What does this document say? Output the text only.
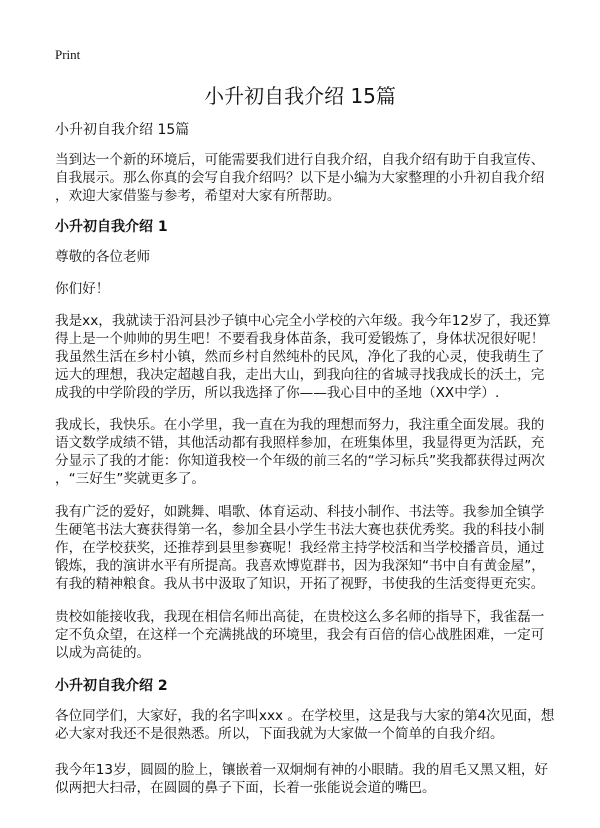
Print
小升初自我介绍 15篇
小升初自我介绍 15篇
当到达一个新的环境后，可能需要我们进行自我介绍，自我介绍有助于自我宣传、
自我展示。那么你真的会写自我介绍吗？以下是小编为大家整理的小升初自我介绍
，欢迎大家借鉴与参考，希望对大家有所帮助。
小升初自我介绍 1
尊敬的各位老师
你们好！
我是xx，我就读于沿河县沙子镇中心完全小学校的六年级。我今年12岁了，我还算
得上是一个帅帅的男生吧！不要看我身体苗条，我可爱锻炼了，身体状况很好呢！
我虽然生活在乡村小镇，然而乡村自然纯朴的民风，净化了我的心灵，使我萌生了
远大的理想，我决定超越自我，走出大山，到我向往的省城寻找我成长的沃土，完
成我的中学阶段的学历，所以我选择了你——我心目中的圣地（XX中学）.
我成长，我快乐。在小学里，我一直在为我的理想而努力，我注重全面发展。我的
语文数学成绩不错，其他活动都有我照样参加，在班集体里，我显得更为活跃，充
分显示了我的才能：你知道我校一个年级的前三名的“学习标兵”奖我都获得过两次
，“三好生”奖就更多了。
我有广泛的爱好，如跳舞、唱歌、体育运动、科技小制作、书法等。我参加全镇学
生硬笔书法大赛获得第一名，参加全县小学生书法大赛也获优秀奖。我的科技小制
作，在学校获奖，还推荐到县里参赛呢！我经常主持学校活和当学校播音员，通过
锻炼，我的演讲水平有所提高。我喜欢博览群书，因为我深知“书中自有黄金屋”，
有我的精神粮食。我从书中汲取了知识，开拓了视野，书使我的生活变得更充实。
贵校如能接收我，我现在相信名师出高徒，在贵校这么多名师的指导下，我雀磊一
定不负众望，在这样一个充满挑战的环境里，我会有百倍的信心战胜困难，一定可
以成为高徒的。
小升初自我介绍 2
各位同学们，大家好，我的名字叫xxx 。在学校里，这是我与大家的第4次见面，想
必大家对我还不是很熟悉。所以，下面我就为大家做一个简单的自我介绍。
我今年13岁，圆圆的脸上，镶嵌着一双炯炯有神的小眼睛。我的眉毛又黑又粗，好
似两把大扫帚，在圆圆的鼻子下面，长着一张能说会道的嘴巴。
